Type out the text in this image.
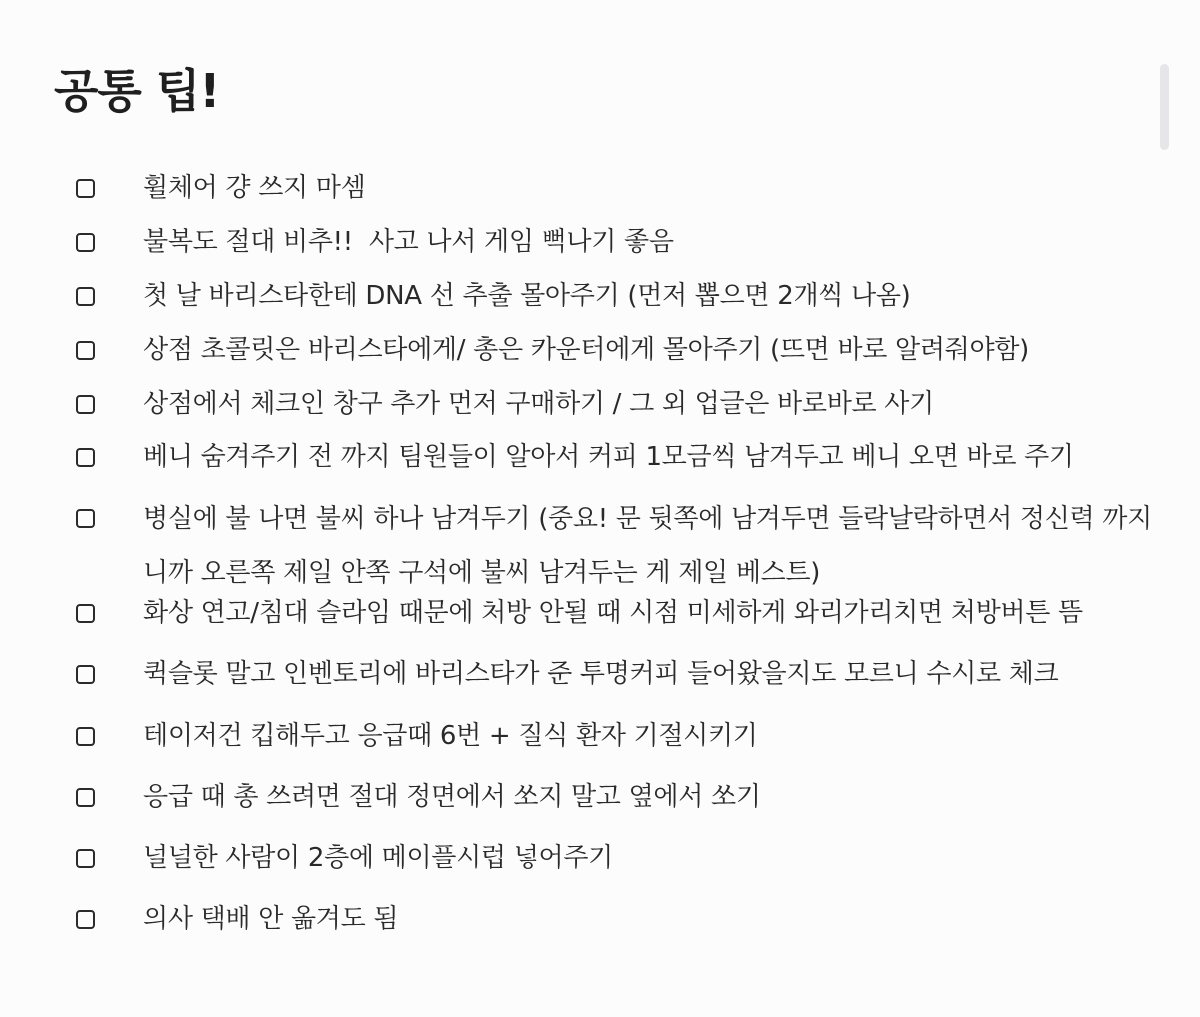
공통 팁!
휠체어 걍 쓰지 마셈
불복도 절대 비추!!  사고 나서 게임 뻑나기 좋음
첫 날 바리스타한테 DNA 선 추출 몰아주기 (먼저 뽑으면 2개씩 나옴)
상점 초콜릿은 바리스타에게/ 총은 카운터에게 몰아주기 (뜨면 바로 알려줘야함)
상점에서 체크인 창구 추가 먼저 구매하기 / 그 외 업글은 바로바로 사기
베니 숨겨주기 전 까지 팀원들이 알아서 커피 1모금씩 남겨두고 베니 오면 바로 주기
병실에 불 나면 불씨 하나 남겨두기 (중요! 문 뒷쪽에 남겨두면 들락날락하면서 정신력 까지니까 오른쪽 제일 안쪽 구석에 불씨 남겨두는 게 제일 베스트)
화상 연고/침대 슬라임 때문에 처방 안될 때 시점 미세하게 와리가리치면 처방버튼 뜸
퀵슬롯 말고 인벤토리에 바리스타가 준 투명커피 들어왔을지도 모르니 수시로 체크
테이저건 킵해두고 응급때 6번 + 질식 환자 기절시키기
응급 때 총 쓰려면 절대 정면에서 쏘지 말고 옆에서 쏘기
널널한 사람이 2층에 메이플시럽 넣어주기
의사 택배 안 옮겨도 됨
